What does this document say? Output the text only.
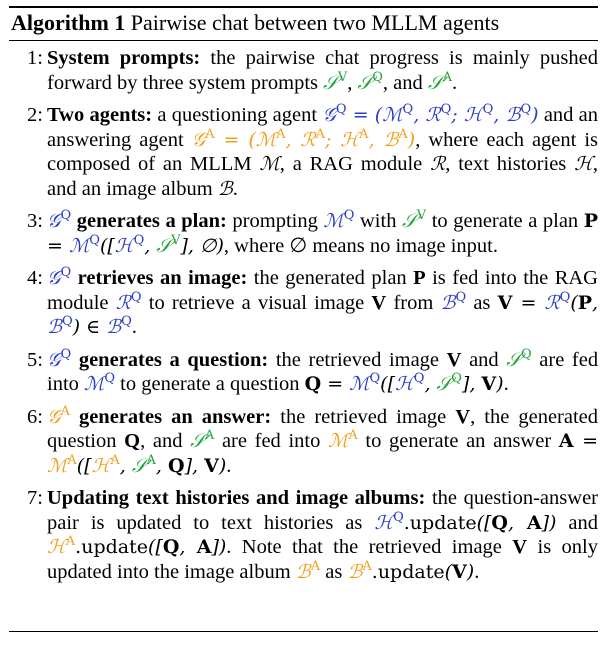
Algorithm 1 Pairwise chat between two MLLM agents
1: System prompts: the pairwise chat progress is mainly pushed forward by three system prompts 𝒮$^V$, 𝒮$^Q$, and 𝒮$^A$.
2: Two agents: a questioning agent 𝒢$^Q$ = (ℳ$^Q$, ℛ$^Q$; ℋ$^Q$, ℬ$^Q$) and an answering agent 𝒢$^A$ = (ℳ$^A$, ℛ$^A$; ℋ$^A$, ℬ$^A$), where each agent is composed of an MLLM ℳ, a RAG module ℛ, text histories ℋ, and an image album ℬ.
3: 𝒢$^Q$ generates a plan: prompting ℳ$^Q$ with 𝒮$^V$ to generate a plan P = ℳ$^Q$([ℋ$^Q$, 𝒮$^V$], ∅), where ∅ means no image input.
4: 𝒢$^Q$ retrieves an image: the generated plan P is fed into the RAG module ℛ$^Q$ to retrieve a visual image V from ℬ$^Q$ as V = ℛ$^Q$(P, ℬ$^Q$) ∈ ℬ$^Q$.
5: 𝒢$^Q$ generates a question: the retrieved image V and 𝒮$^Q$ are fed into ℳ$^Q$ to generate a question Q = ℳ$^Q$([ℋ$^Q$, 𝒮$^Q$], V).
6: 𝒢$^A$ generates an answer: the retrieved image V, the generated question Q, and 𝒮$^A$ are fed into ℳ$^A$ to generate an answer A = ℳ$^A$([ℋ$^A$, 𝒮$^A$, Q], V).
7: Updating text histories and image albums: the question-answer pair is updated to text histories as ℋ$^Q$.update([Q, A]) and ℋ$^A$.update([Q, A]). Note that the retrieved image V is only updated into the image album ℬ$^A$ as ℬ$^A$.update(V).
